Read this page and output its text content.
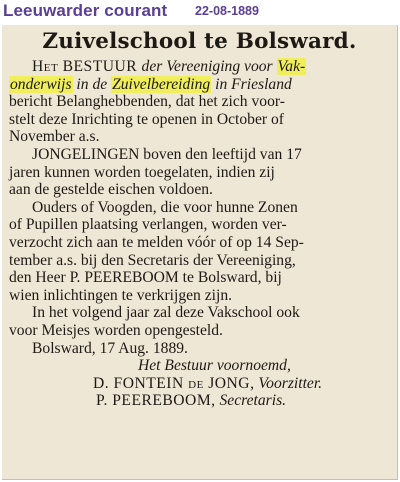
Leeuwarder courant 22-08-1889
Zuivelschool te Bolsward.
Het BESTUUR der Vereeniging voor Vak-
onderwijs in de Zuivelbereiding in Friesland
bericht Belanghebbenden, dat het zich voor-
stelt deze Inrichting te openen in October of
November a.s.
JONGELINGEN boven den leeftijd van 17
jaren kunnen worden toegelaten, indien zij
aan de gestelde eischen voldoen.
Ouders of Voogden, die voor hunne Zonen
of Pupillen plaatsing verlangen, worden ver-
verzocht zich aan te melden vóór of op 14 Sep-
tember a.s. bij den Secretaris der Vereeniging,
den Heer P. PEEREBOOM te Bolsward, bij
wien inlichtingen te verkrijgen zijn.
In het volgend jaar zal deze Vakschool ook
voor Meisjes worden opengesteld.
Bolsward, 17 Aug. 1889.
Het Bestuur voornoemd,
D. FONTEIN de JONG, Voorzitter.
P. PEEREBOOM, Secretaris.
